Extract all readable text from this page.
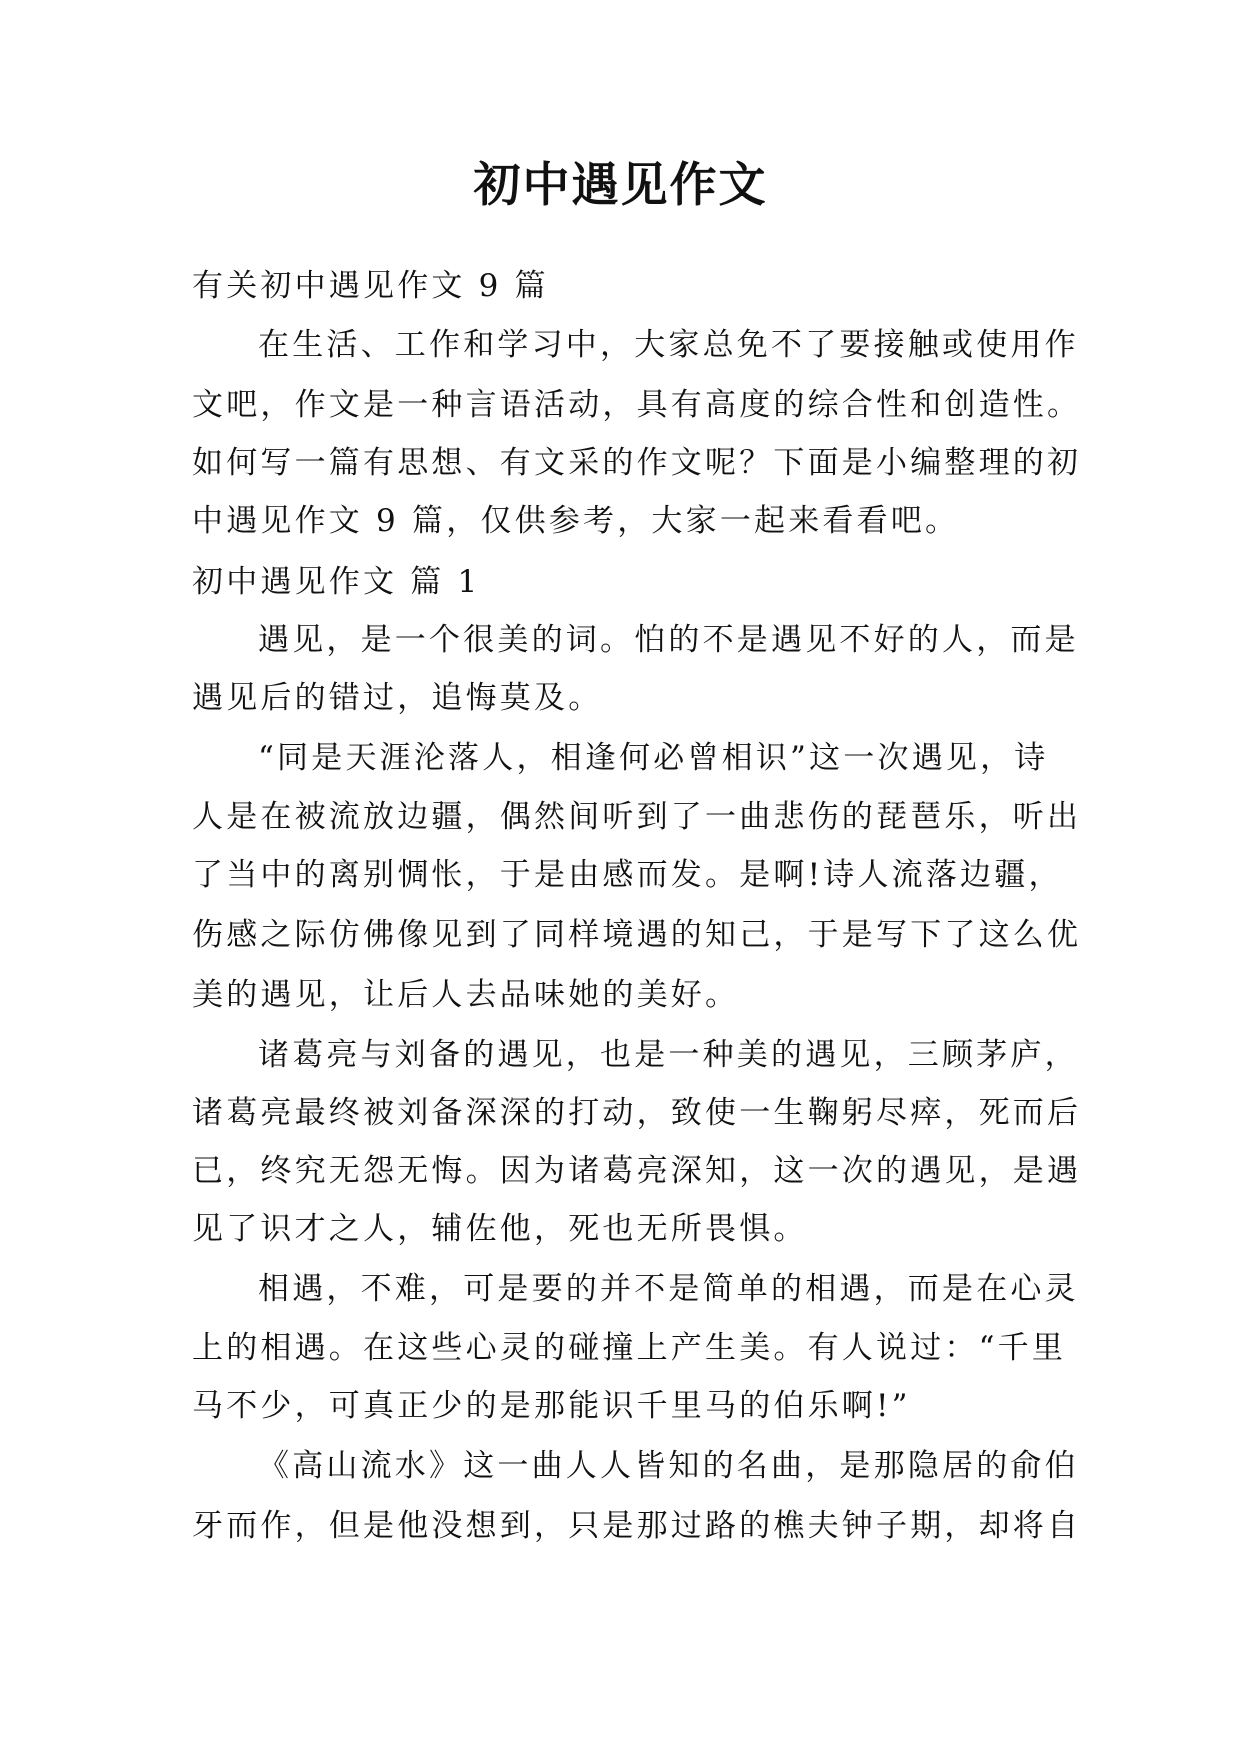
初中遇见作文
有关初中遇见作文 9 篇
在生活、工作和学习中，大家总免不了要接触或使用作
文吧，作文是一种言语活动，具有高度的综合性和创造性。
如何写一篇有思想、有文采的作文呢？下面是小编整理的初
中遇见作文 9 篇，仅供参考，大家一起来看看吧。
初中遇见作文 篇 1
遇见，是一个很美的词。怕的不是遇见不好的人，而是
遇见后的错过，追悔莫及。
“同是天涯沦落人，相逢何必曾相识”这一次遇见，诗
人是在被流放边疆，偶然间听到了一曲悲伤的琵琶乐，听出
了当中的离别惆怅，于是由感而发。是啊!诗人流落边疆，
伤感之际仿佛像见到了同样境遇的知己，于是写下了这么优
美的遇见，让后人去品味她的美好。
诸葛亮与刘备的遇见，也是一种美的遇见，三顾茅庐，
诸葛亮最终被刘备深深的打动，致使一生鞠躬尽瘁，死而后
已，终究无怨无悔。因为诸葛亮深知，这一次的遇见，是遇
见了识才之人，辅佐他，死也无所畏惧。
相遇，不难，可是要的并不是简单的相遇，而是在心灵
上的相遇。在这些心灵的碰撞上产生美。有人说过：“千里
马不少，可真正少的是那能识千里马的伯乐啊!”
《高山流水》这一曲人人皆知的名曲，是那隐居的俞伯
牙而作，但是他没想到，只是那过路的樵夫钟子期，却将自
